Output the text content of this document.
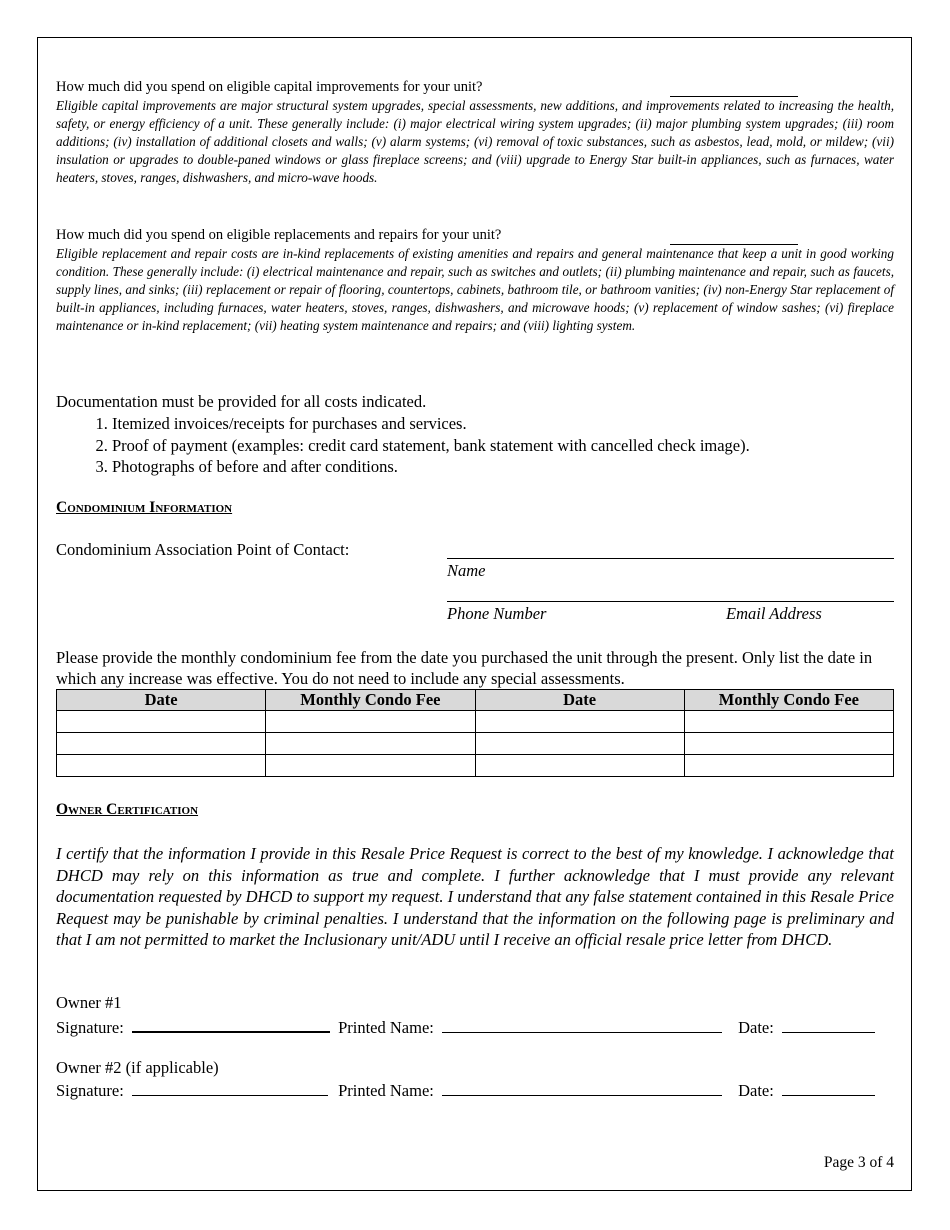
How much did you spend on eligible capital improvements for your unit?
Eligible capital improvements are major structural system upgrades, special assessments, new additions, and improvements related to increasing the health, safety, or energy efficiency of a unit. These generally include: (i) major electrical wiring system upgrades; (ii) major plumbing system upgrades; (iii) room additions; (iv) installation of additional closets and walls; (v) alarm systems; (vi) removal of toxic substances, such as asbestos, lead, mold, or mildew; (vii) insulation or upgrades to double-paned windows or glass fireplace screens; and (viii) upgrade to Energy Star built-in appliances, such as furnaces, water heaters, stoves, ranges, dishwashers, and micro-wave hoods.
How much did you spend on eligible replacements and repairs for your unit?
Eligible replacement and repair costs are in-kind replacements of existing amenities and repairs and general maintenance that keep a unit in good working condition. These generally include: (i) electrical maintenance and repair, such as switches and outlets; (ii) plumbing maintenance and repair, such as faucets, supply lines, and sinks; (iii) replacement or repair of flooring, countertops, cabinets, bathroom tile, or bathroom vanities; (iv) non-Energy Star replacement of built-in appliances, including furnaces, water heaters, stoves, ranges, dishwashers, and microwave hoods; (v) replacement of window sashes; (vi) fireplace maintenance or in-kind replacement; (vii) heating system maintenance and repairs; and (viii) lighting system.
Documentation must be provided for all costs indicated.
1. Itemized invoices/receipts for purchases and services.
2. Proof of payment (examples: credit card statement, bank statement with cancelled check image).
3. Photographs of before and after conditions.
Condominium Information
Condominium Association Point of Contact:
Name
Phone Number	Email Address
Please provide the monthly condominium fee from the date you purchased the unit through the present. Only list the date in which any increase was effective. You do not need to include any special assessments.
Date	Monthly Condo Fee	Date	Monthly Condo Fee

Owner Certification
I certify that the information I provide in this Resale Price Request is correct to the best of my knowledge. I acknowledge that DHCD may rely on this information as true and complete. I further acknowledge that I must provide any relevant documentation requested by DHCD to support my request. I understand that any false statement contained in this Resale Price Request may be punishable by criminal penalties. I understand that the information on the following page is preliminary and that I am not permitted to market the Inclusionary unit/ADU until I receive an official resale price letter from DHCD.
Owner #1
Signature:	Printed Name:	Date:
Owner #2 (if applicable)
Signature:	Printed Name:	Date:
Page 3 of 4
